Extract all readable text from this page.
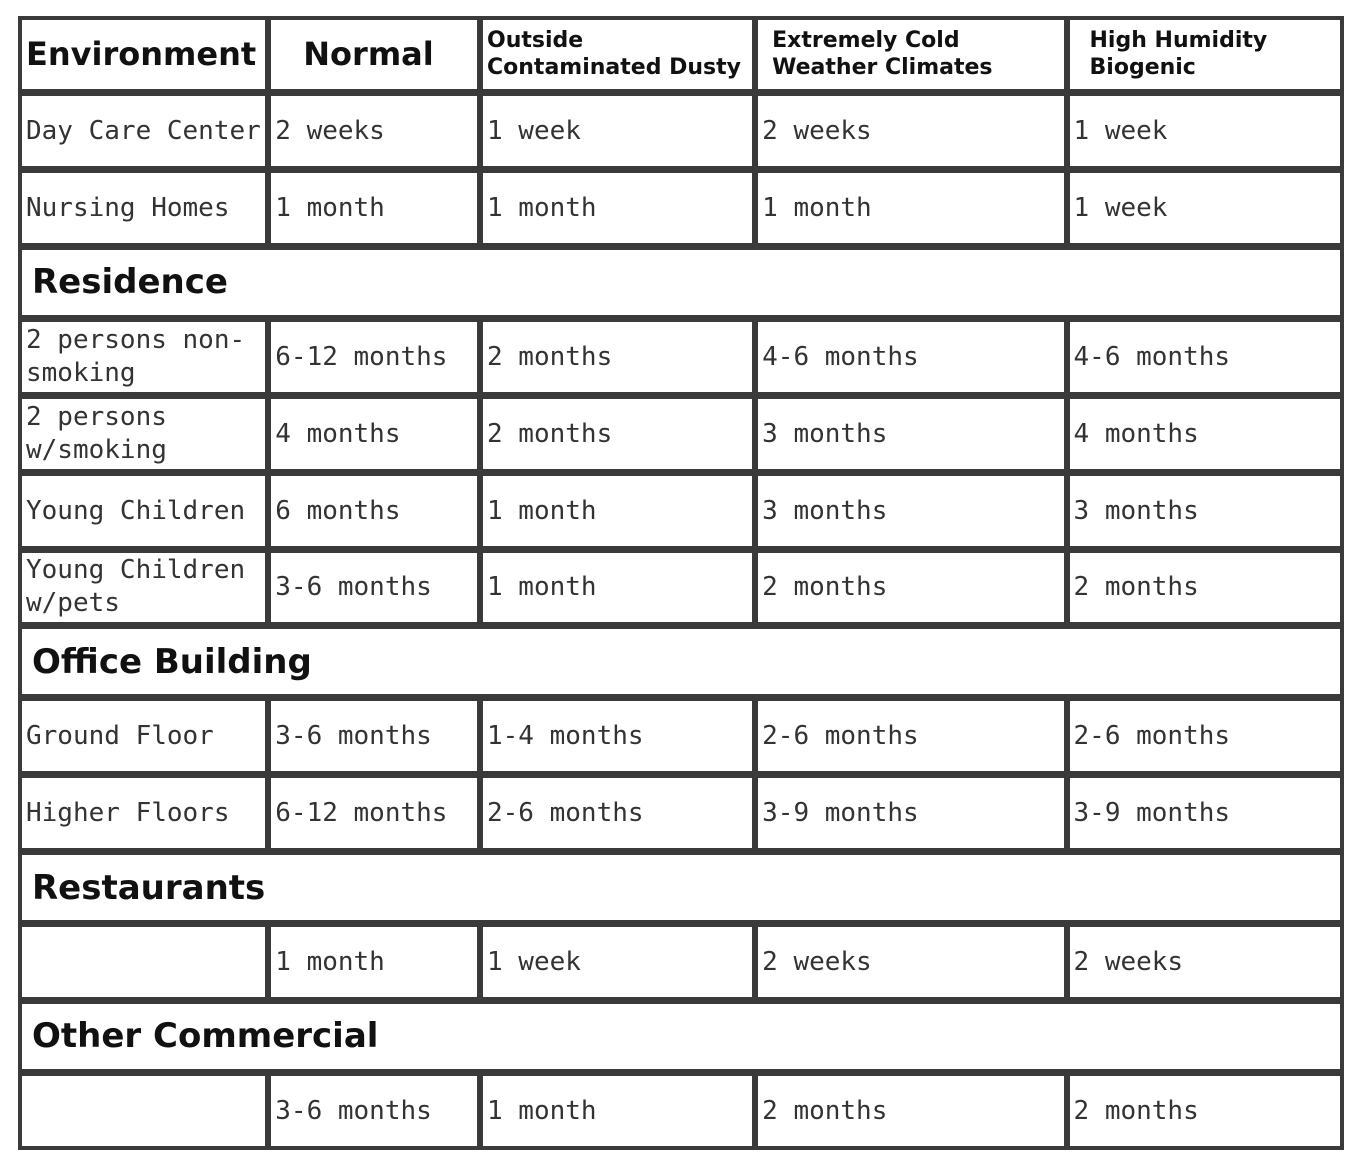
Environment	Normal	Outside Contaminated Dusty	Extremely Cold Weather Climates	High Humidity Biogenic
Day Care Center	2 weeks	1 week	2 weeks	1 week
Nursing Homes	1 month	1 month	1 month	1 week
Residence				
2 persons non-smoking	6-12 months	2 months	4-6 months	4-6 months
2 persons w/smoking	4 months	2 months	3 months	4 months
Young Children	6 months	1 month	3 months	3 months
Young Children w/pets	3-6 months	1 month	2 months	2 months
Office Building				
Ground Floor	3-6 months	1-4 months	2-6 months	2-6 months
Higher Floors	6-12 months	2-6 months	3-9 months	3-9 months
Restaurants				
	1 month	1 week	2 weeks	2 weeks
Other Commercial				
	3-6 months	1 month	2 months	2 months
